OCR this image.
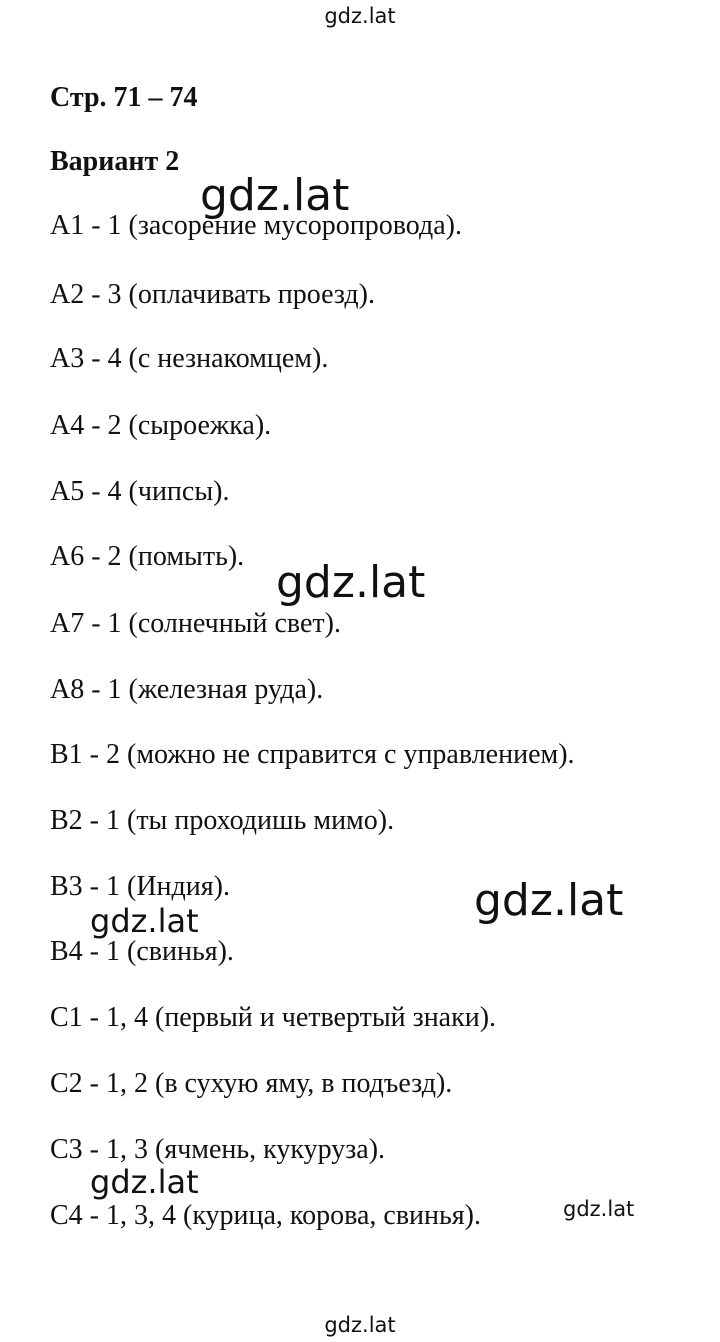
gdz.lat
Стр. 71 – 74
Вариант 2
А1 - 1 (засорение мусоропровода).
А2 - 3 (оплачивать проезд).
А3 - 4 (с незнакомцем).
А4 - 2 (сыроежка).
А5 - 4 (чипсы).
А6 - 2 (помыть).
А7 - 1 (солнечный свет).
А8 - 1 (железная руда).
В1 - 2 (можно не справится с управлением).
В2 - 1 (ты проходишь мимо).
В3 - 1 (Индия).
В4 - 1 (свинья).
С1 - 1, 4 (первый и четвертый знаки).
С2 - 1, 2 (в сухую яму, в подъезд).
С3 - 1, 3 (ячмень, кукуруза).
С4 - 1, 3, 4 (курица, корова, свинья).
gdz.lat
gdz.lat
gdz.lat
gdz.lat
gdz.lat
gdz.lat
gdz.lat
